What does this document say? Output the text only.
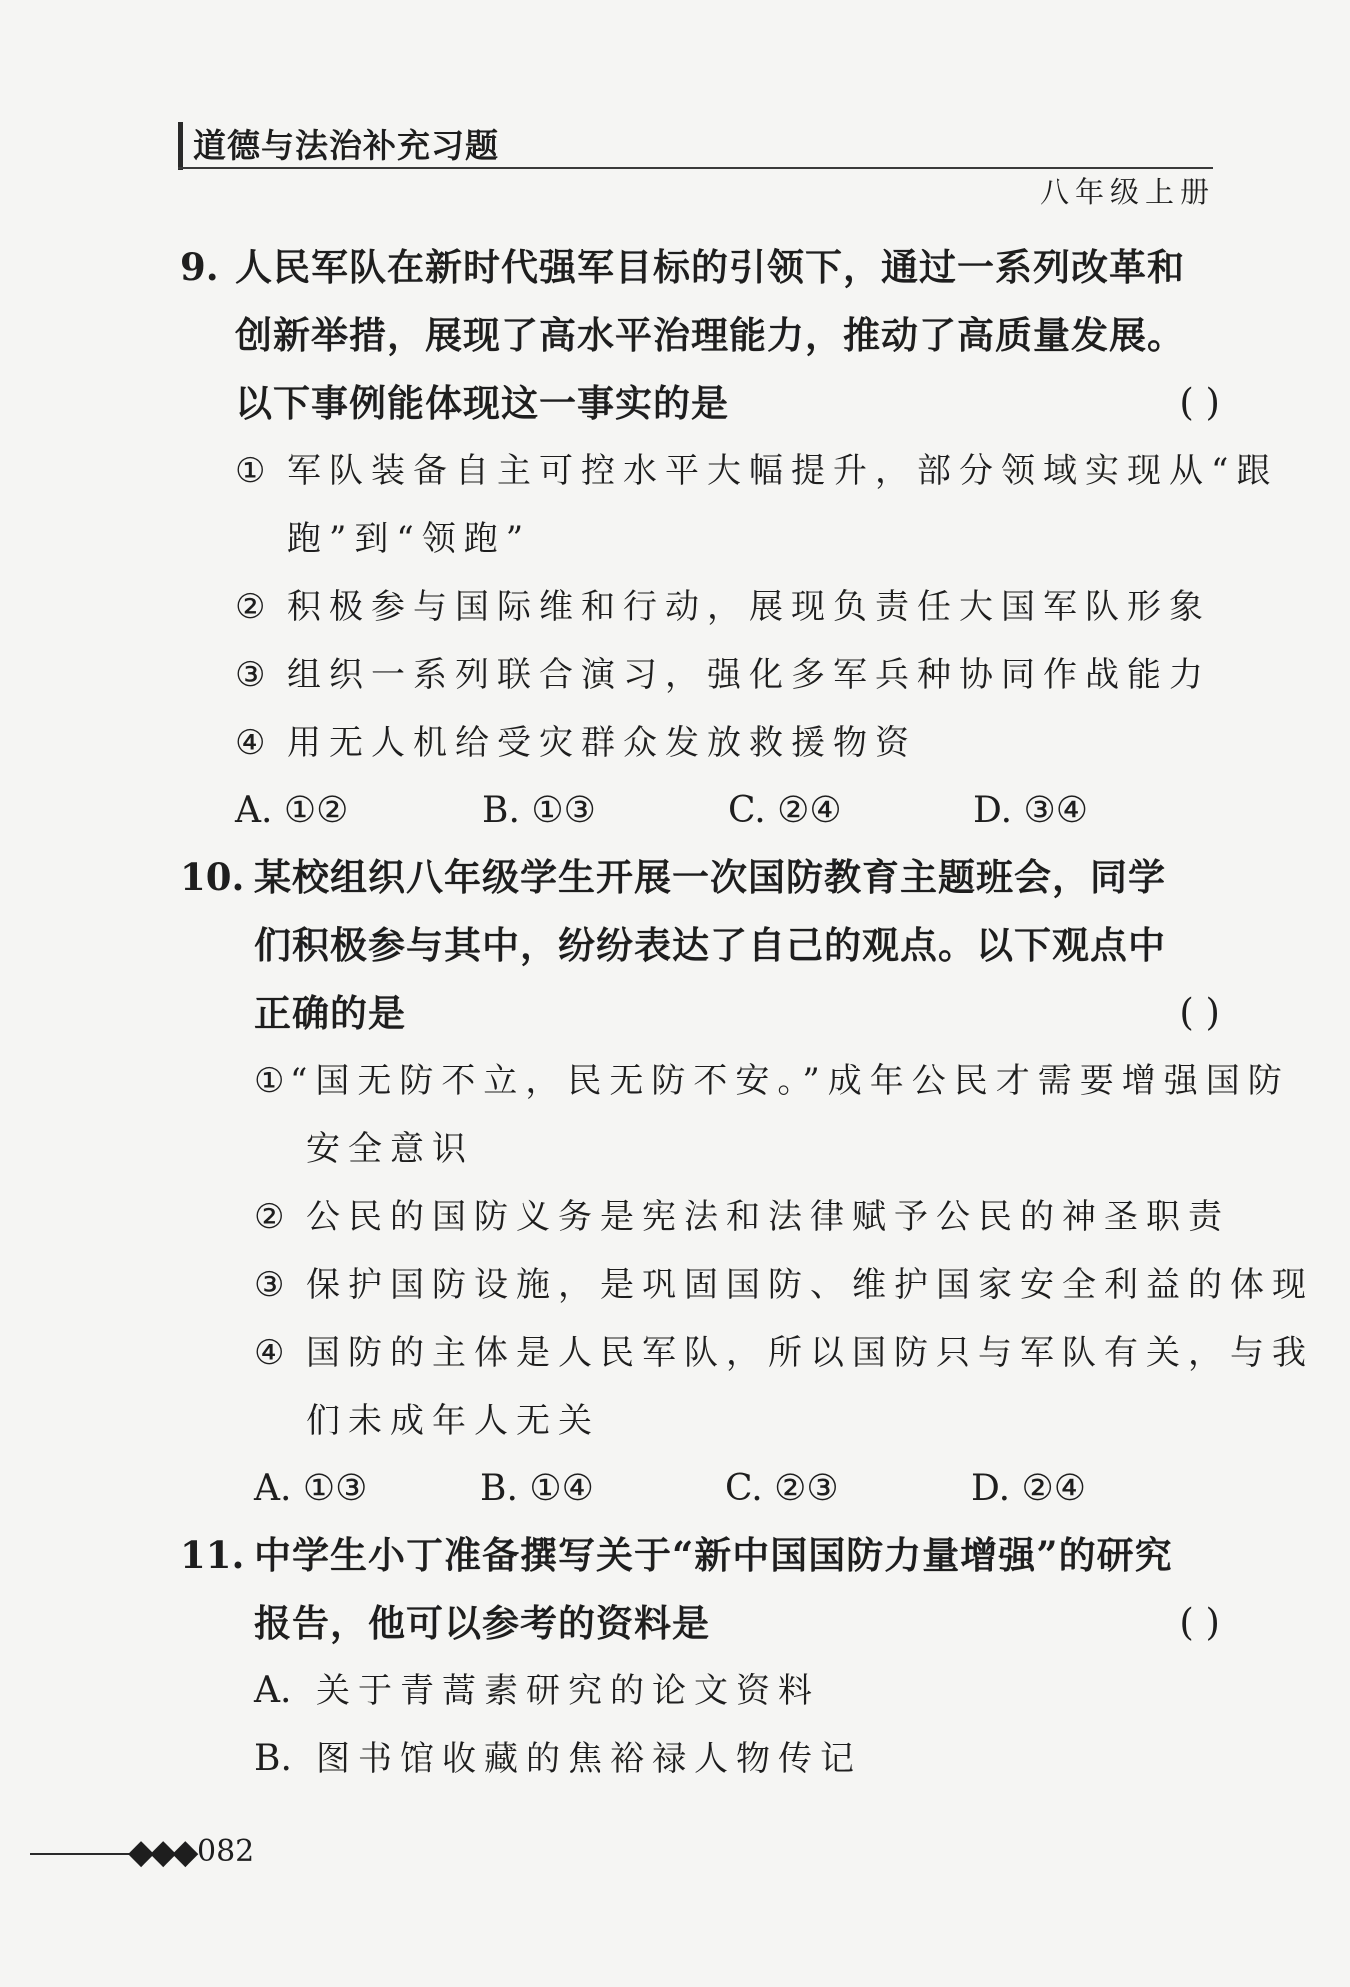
道德与法治补充习题
八年级上册
9. 人民军队在新时代强军目标的引领下，通过一系列改革和
创新举措，展现了高水平治理能力，推动了高质量发展。
以下事例能体现这一事实的是	( )
① 军队装备自主可控水平大幅提升，部分领域实现从“跟
跑”到“领跑”
② 积极参与国际维和行动，展现负责任大国军队形象
③ 组织一系列联合演习，强化多军兵种协同作战能力
④ 用无人机给受灾群众发放救援物资
A. ①②	B. ①③	C. ②④	D. ③④
10. 某校组织八年级学生开展一次国防教育主题班会，同学
们积极参与其中，纷纷表达了自己的观点。以下观点中
正确的是	( )
① “国无防不立，民无防不安。”成年公民才需要增强国防
安全意识
② 公民的国防义务是宪法和法律赋予公民的神圣职责
③ 保护国防设施，是巩固国防、维护国家安全利益的体现
④ 国防的主体是人民军队，所以国防只与军队有关，与我
们未成年人无关
A. ①③	B. ①④	C. ②③	D. ②④
11. 中学生小丁准备撰写关于“新中国国防力量增强”的研究
报告，他可以参考的资料是	( )
A. 关于青蒿素研究的论文资料
B. 图书馆收藏的焦裕禄人物传记
◆◆◆ 082
